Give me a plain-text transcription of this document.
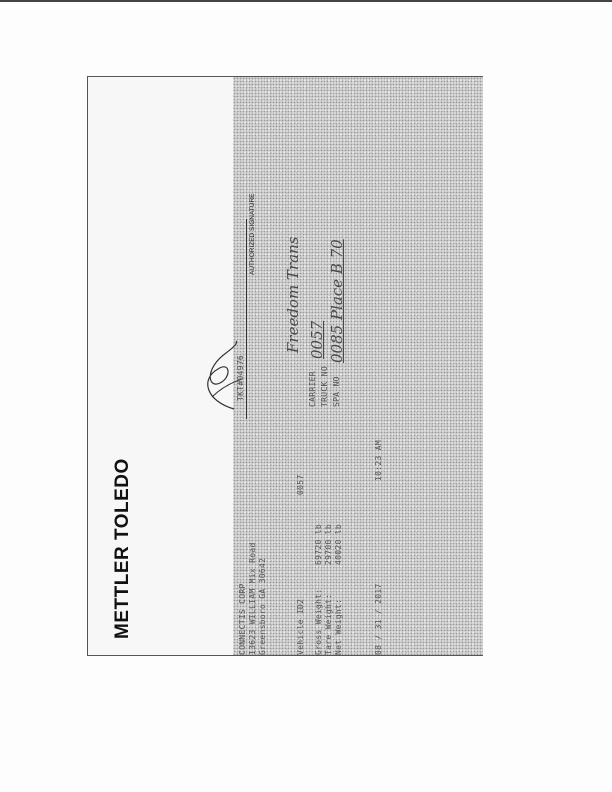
METTLER TOLEDO
AUTHORIZED SIGNATURE
TKT#04976
CONNECTIS CORP 13623 WILLIAM Mix Road Greensboro GA 30642	Vehicle ID2
0057
CARRIER
Freedom Trans
TRUCK NO
0057
SPA NO
0085 Place B 70
Gross Weight:
69720 lb
Tare Weight:
29700 lb
Net Weight:
40020 lb
08 / 31 / 2017
10:23 AM
